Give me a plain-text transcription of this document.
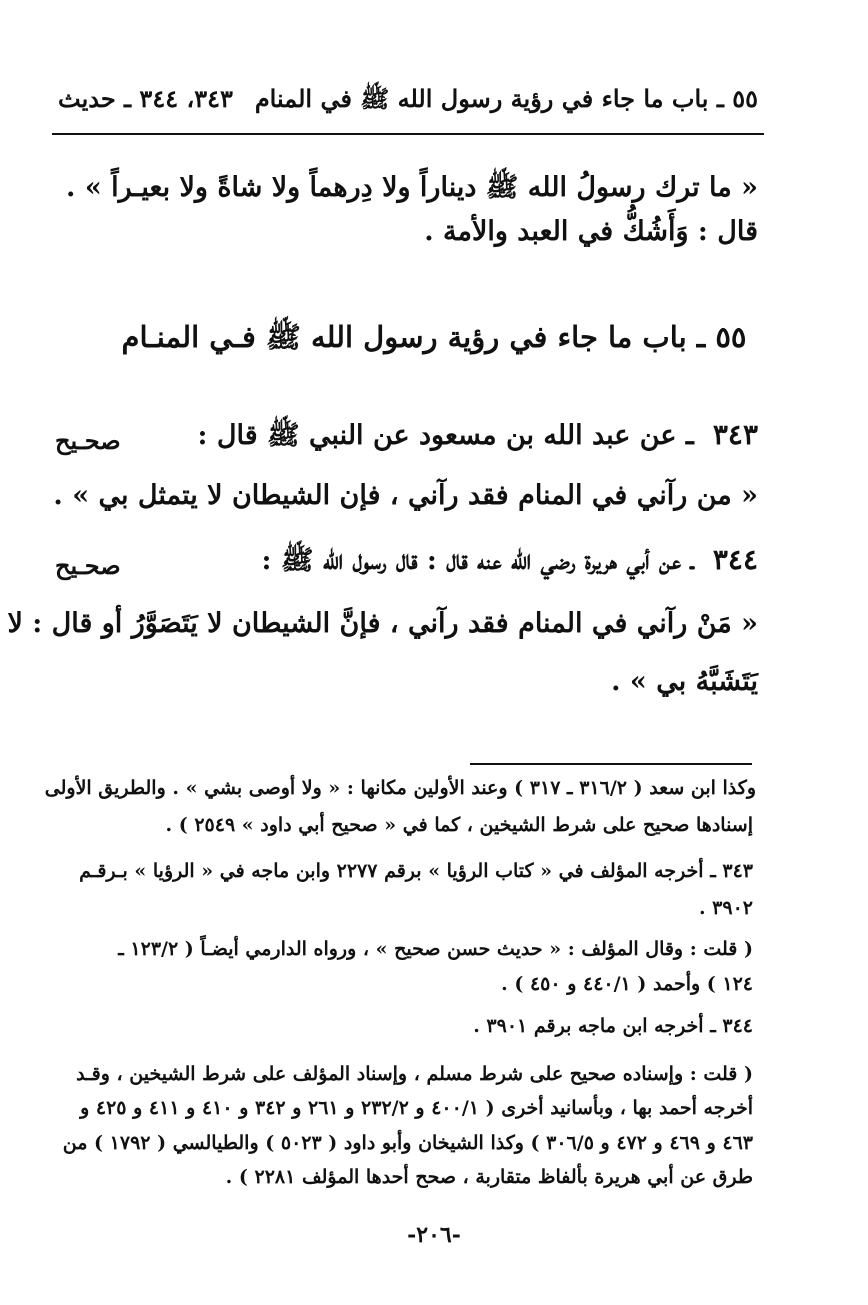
٥٥ ـ باب ما جاء في رؤية رسول الله ﷺ في المنام
٣٤٣، ٣٤٤ ـ حديث
« ما ترك رسولُ الله ﷺ ديناراً ولا دِرهماً ولا شاةً ولا بعيـراً » .
قال : وَأَشُكُّ في العبد والأمة .
٥٥ ـ باب ما جاء في رؤية رسول الله ﷺ فـي المنـام
٣٤٣ ـ عن عبد الله بن مسعود عن النبي ﷺ قال :
صحـيح
« من رآني في المنام فقد رآني ، فإن الشيطان لا يتمثل بي » .
٣٤٤ ـ عن أبي هريرة رضي الله عنه قال : قال رسول الله ﷺ :
صحـيح
« مَنْ رآني في المنام فقد رآني ، فإنَّ الشيطان لا يَتَصَوَّرُ أو قال : لا
يَتَشَبَّهُ بي » .
وكذا ابن سعد ( ٣١٦/٢ ـ ٣١٧ ) وعند الأولين مكانها : « ولا أوصى بشي » . والطريق الأولى
إسنادها صحيح على شرط الشيخين ، كما في « صحيح أبي داود » ٢٥٤٩ ) .
٣٤٣ ـ أخرجه المؤلف في « كتاب الرؤيا » برقم ٢٢٧٧ وابن ماجه في « الرؤيا » بـرقـم
٣٩٠٢ .
( قلت : وقال المؤلف : « حديث حسن صحيح » ، ورواه الدارمي أيضـاً ( ١٢٣/٢ ـ
١٢٤ ) وأحمد ( ٤٤٠/١ و ٤٥٠ ) .
٣٤٤ ـ أخرجه ابن ماجه برقم ٣٩٠١ .
( قلت : وإسناده صحيح على شرط مسلم ، وإسناد المؤلف على شرط الشيخين ، وقـد
أخرجه أحمد بها ، وبأسانيد أخرى ( ٤٠٠/١ و ٢٣٢/٢ و ٢٦١ و ٣٤٢ و ٤١٠ و ٤١١ و ٤٢٥ و
٤٦٣ و ٤٦٩ و ٤٧٢ و ٣٠٦/٥ ) وكذا الشيخان وأبو داود ( ٥٠٢٣ ) والطيالسي ( ١٧٩٢ ) من
طرق عن أبي هريرة بألفاظ متقاربة ، صحح أحدها المؤلف ٢٢٨١ ) .
-٢٠٦-
